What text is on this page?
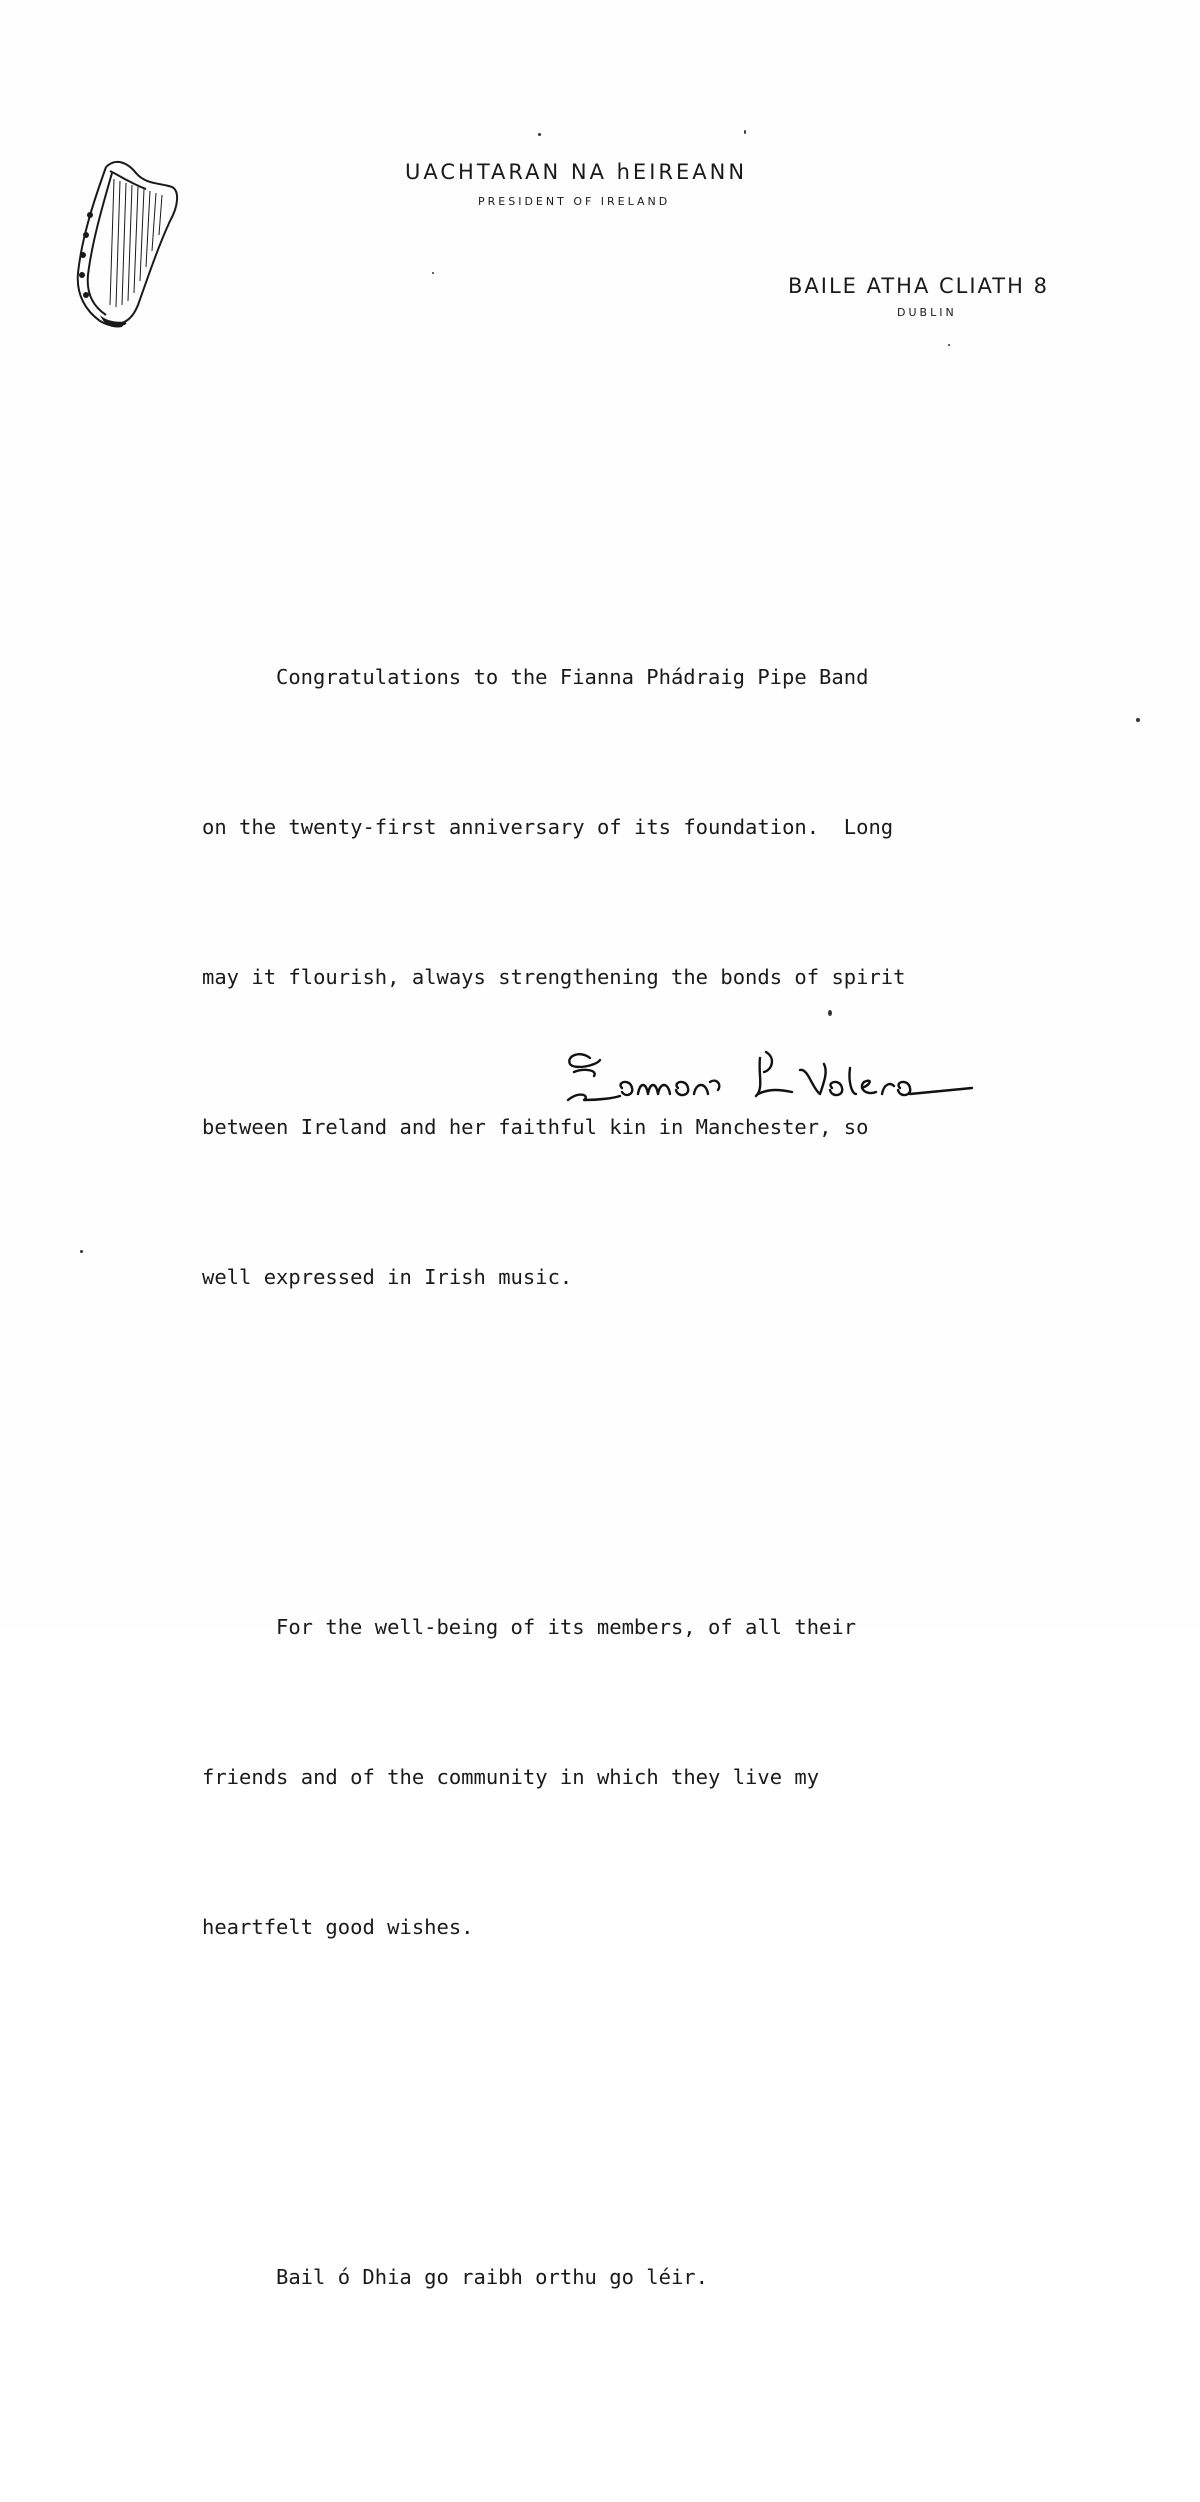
UACHTARAN NA hEIREANN
PRESIDENT OF IRELAND
BAILE ATHA CLIATH 8
DUBLIN

Congratulations to the Fianna Phádraig Pipe Band

on the twenty-first anniversary of its foundation.  Long

may it flourish, always strengthening the bonds of spirit

between Ireland and her faithful kin in Manchester, so

well expressed in Irish music.

For the well-being of its members, of all their

friends and of the community in which they live my

heartfelt good wishes.

Bail ó Dhia go raibh orthu go léir.
